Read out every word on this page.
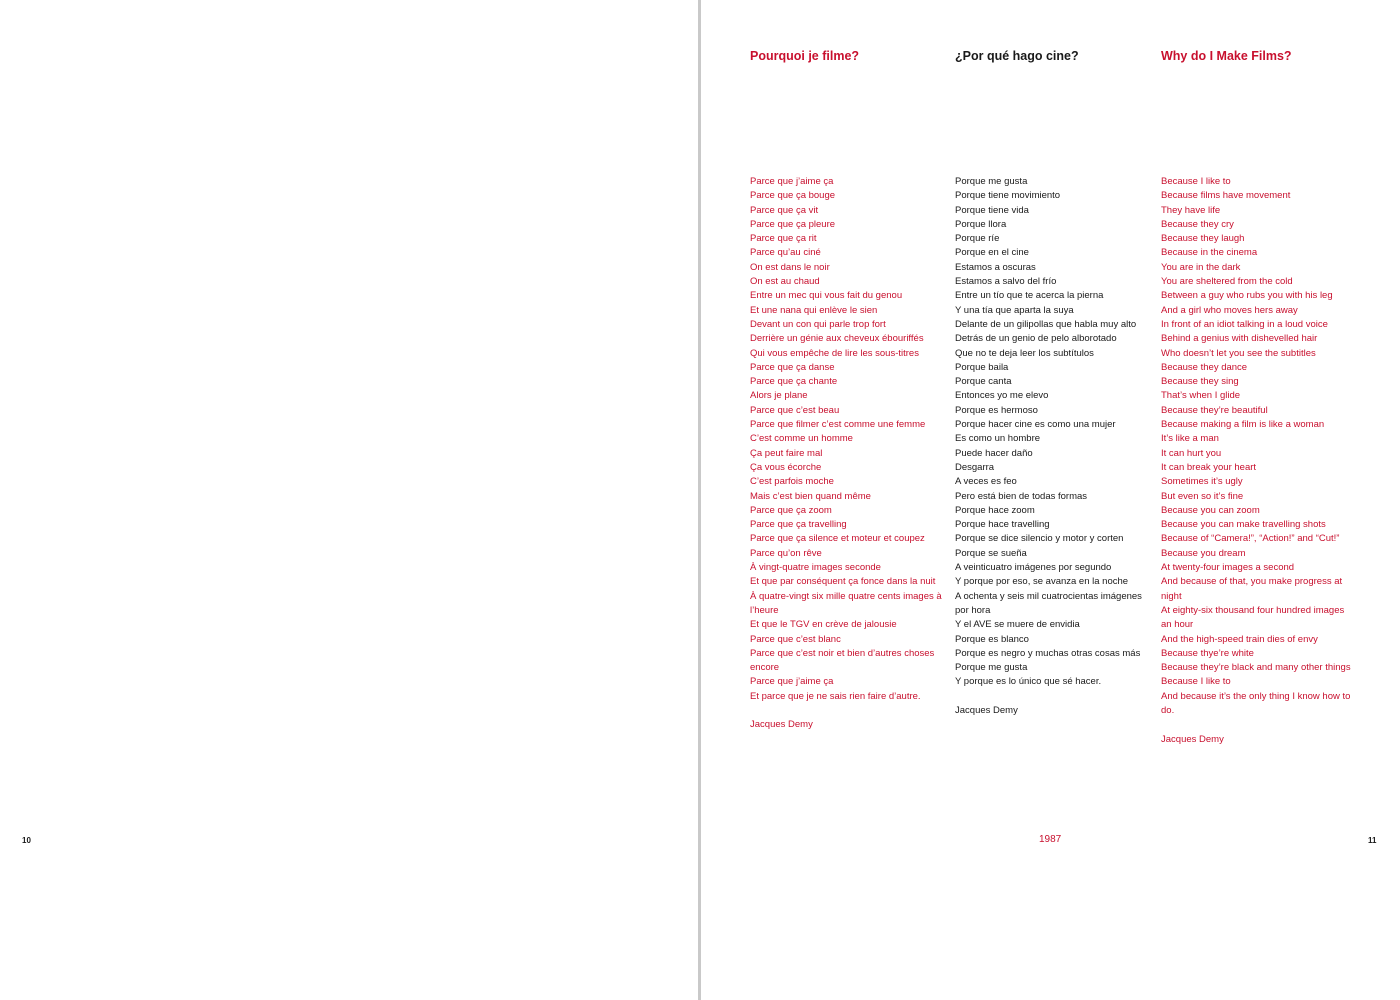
Pourquoi je filme?
Parce que j’aime ça
Parce que ça bouge
Parce que ça vit
Parce que ça pleure
Parce que ça rit
Parce qu’au ciné
On est dans le noir
On est au chaud
Entre un mec qui vous fait du genou
Et une nana qui enlève le sien
Devant un con qui parle trop fort
Derrière un génie aux cheveux ébouriffés
Qui vous empêche de lire les sous-titres
Parce que ça danse
Parce que ça chante
Alors je plane
Parce que c’est beau
Parce que filmer c’est comme une femme
C’est comme un homme
Ça peut faire mal
Ça vous écorche
C’est parfois moche
Mais c’est bien quand même
Parce que ça zoom
Parce que ça travelling
Parce que ça silence et moteur et coupez
Parce qu’on rêve
À vingt-quatre images seconde
Et que par conséquent ça fonce dans la nuit
À quatre-vingt six mille quatre cents images à l’heure
Et que le TGV en crève de jalousie
Parce que c’est blanc
Parce que c’est noir et bien d’autres choses encore
Parce que j’aime ça
Et parce que je ne sais rien faire d’autre.
Jacques Demy
¿Por qué hago cine?
Porque me gusta
Porque tiene movimiento
Porque tiene vida
Porque llora
Porque ríe
Porque en el cine
Estamos a oscuras
Estamos a salvo del frío
Entre un tío que te acerca la pierna
Y una tía que aparta la suya
Delante de un gilipollas que habla muy alto
Detrás de un genio de pelo alborotado
Que no te deja leer los subtítulos
Porque baila
Porque canta
Entonces yo me elevo
Porque es hermoso
Porque hacer cine es como una mujer
Es como un hombre
Puede hacer daño
Desgarra
A veces es feo
Pero está bien de todas formas
Porque hace zoom
Porque hace travelling
Porque se dice silencio y motor y corten
Porque se sueña
A veinticuatro imágenes por segundo
Y porque por eso, se avanza en la noche
A ochenta y seis mil cuatrocientas imágenes por hora
Y el AVE se muere de envidia
Porque es blanco
Porque es negro y muchas otras cosas más
Porque me gusta
Y porque es lo único que sé hacer.
Jacques Demy
Why do I Make Films?
Because I like to
Because films have movement
They have life
Because they cry
Because they laugh
Because in the cinema
You are in the dark
You are sheltered from the cold
Between a guy who rubs you with his leg
And a girl who moves hers away
In front of an idiot talking in a loud voice
Behind a genius with dishevelled hair
Who doesn’t let you see the subtitles
Because they dance
Because they sing
That’s when I glide
Because they’re beautiful
Because making a film is like a woman
It’s like a man
It can hurt you
It can break your heart
Sometimes it’s ugly
But even so it’s fine
Because you can zoom
Because you can make travelling shots
Because of “Camera!”, “Action!” and “Cut!”
Because you dream
At twenty-four images a second
And because of that, you make progress at night
At eighty-six thousand four hundred images an hour
And the high-speed train dies of envy
Because thye’re white
Because they’re black and many other things
Because I like to
And because it’s the only thing I know how to do.
Jacques Demy
10	1987	11
